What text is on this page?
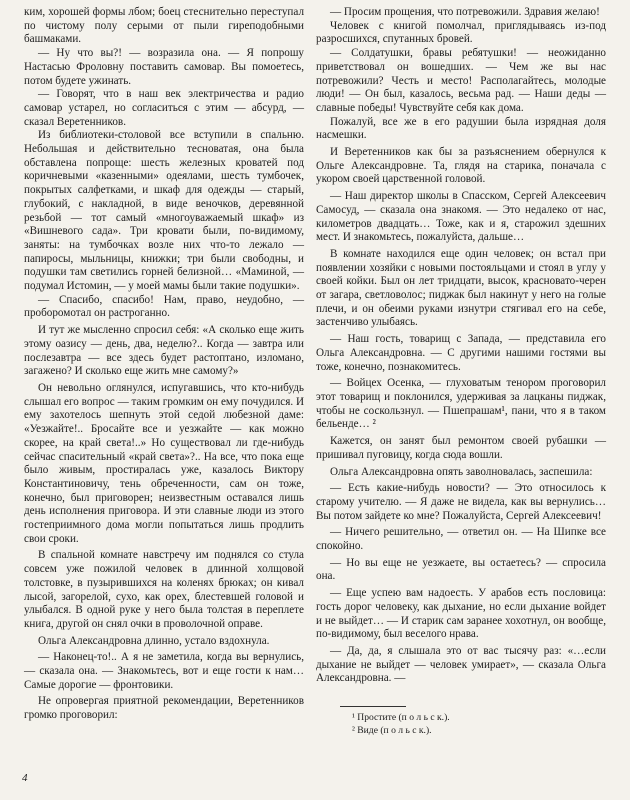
ким, хорошей формы лбом; боец стеснительно переступал по чистому полу серыми от пыли гиреподобными башмаками.

— Ну что вы?! — возразила она. — Я попрошу Настасью Фроловну поставить самовар. Вы помоетесь, потом будете ужинать.

— Говорят, что в наш век электричества и радио самовар устарел, но согласиться с этим — абсурд, — сказал Веретенников.

Из библиотеки-столовой все вступили в спальню. Небольшая и действительно тесноватая, она была обставлена попроще: шесть железных кроватей под коричневыми «казенными» одеялами, шесть тумбочек, покрытых салфетками, и шкаф для одежды — старый, глубокий, с накладной, в виде веночков, деревянной резьбой — тот самый «многоуважаемый шкаф» из «Вишневого сада». Три кровати были, по-видимому, заняты: на тумбочках возле них что-то лежало — папиросы, мыльницы, книжки; три были свободны, и подушки там светились горней белизной… «Маминой, — подумал Истомин, — у моей мамы были такие подушки».

— Спасибо, спасибо! Нам, право, неудобно, — проборомотал он растроганно.

И тут же мысленно спросил себя: «А сколько еще жить этому оазису — день, два, неделю?.. Когда — завтра или послезавтра — все здесь будет растоптано, изломано, загажено? И сколько еще жить мне самому?»

Он невольно оглянулся, испугавшись, что кто-нибудь слышал его вопрос — таким громким он ему почудился. И ему захотелось шепнуть этой седой любезной даме: «Уезжайте!.. Бросайте все и уезжайте — как можно скорее, на край света!..» Но существовал ли где-нибудь сейчас спасительный «край света»?.. На все, что пока еще было живым, простиралась уже, казалось Виктору Константиновичу, тень обреченности, сам он тоже, конечно, был приговорен; неизвестным оставался лишь день исполнения приговора. И эти славные люди из этого гостеприимного дома могли попытаться лишь продлить свои сроки.

В спальной комнате навстречу им поднялся со стула совсем уже пожилой человек в длинной холщовой толстовке, в пузырившихся на коленях брюках; он кивал лысой, загорелой, сухо, как орех, блестевшей головой и улыбался. В одной руке у него была толстая в переплете книга, другой он снял очки в проволочной оправе.

Ольга Александровна длинно, устало вздохнула.

— Наконец-то!.. А я не заметила, когда вы вернулись, — сказала она. — Знакомьтесь, вот и еще гости к нам… Самые дорогие — фронтовики.

Не опровергая приятной рекомендации, Веретенников громко проговорил:

— Просим прощения, что потревожили. Здравия желаю!

Человек с книгой помолчал, приглядываясь из-под разросшихся, спутанных бровей.

— Солдатушки, бравы ребятушки! — неожиданно приветствовал он вошедших. — Чем же вы нас потревожили? Честь и место! Располагайтесь, молодые люди! — Он был, казалось, весьма рад. — Наши деды — славные победы! Чувствуйте себя как дома.

Пожалуй, все же в его радушии была изрядная доля насмешки.

И Веретенников как бы за разъяснением обернулся к Ольге Александровне. Та, глядя на старика, поначала с укором своей царственной головой.

— Наш директор школы в Спасском, Сергей Алексеевич Самосуд, — сказала она знакомя. — Это недалеко от нас, километров двадцать… Тоже, как и я, старожил здешних мест. И знакомьтесь, пожалуйста, дальше…

В комнате находился еще один человек; он встал при появлении хозяйки с новыми постояльцами и стоял в углу у своей койки. Был он лет тридцати, высок, красновато-черен от загара, светловолос; пиджак был накинут у него на голые плечи, и он обеими руками изнутри стягивал его на себе, застенчиво улыбаясь.

— Наш гость, товарищ с Запада, — представила его Ольга Александровна. — С другими нашими гостями вы тоже, конечно, познакомитесь.

— Войцех Осенка, — глуховатым тенором проговорил этот товарищ и поклонился, удерживая за лацканы пиджак, чтобы не соскользнул. — Пшепрашам¹, пани, что я в таком бельенде… ²

Кажется, он занят был ремонтом своей рубашки — пришивал пуговицу, когда сюда вошли.

Ольга Александровна опять заволновалась, заспешила:

— Есть какие-нибудь новости? — Это относилось к старому учителю. — Я даже не видела, как вы вернулись… Вы потом зайдете ко мне? Пожалуйста, Сергей Алексеевич!

— Ничего решительно, — ответил он. — На Шипке все спокойно.

— Но вы еще не уезжаете, вы остаетесь? — спросила она.

— Еще успею вам надоесть. У арабов есть пословица: гость дорог человеку, как дыхание, но если дыхание войдет и не выйдет… — И старик сам заранее хохотнул, он вообще, по-видимому, был веселого нрава.

— Да, да, я слышала это от вас тысячу раз: «…если дыхание не выйдет — человек умирает», — сказала Ольга Александровна. —

¹ Простите (п о л ь с к.).
² Виде (п о л ь с к.).
4
